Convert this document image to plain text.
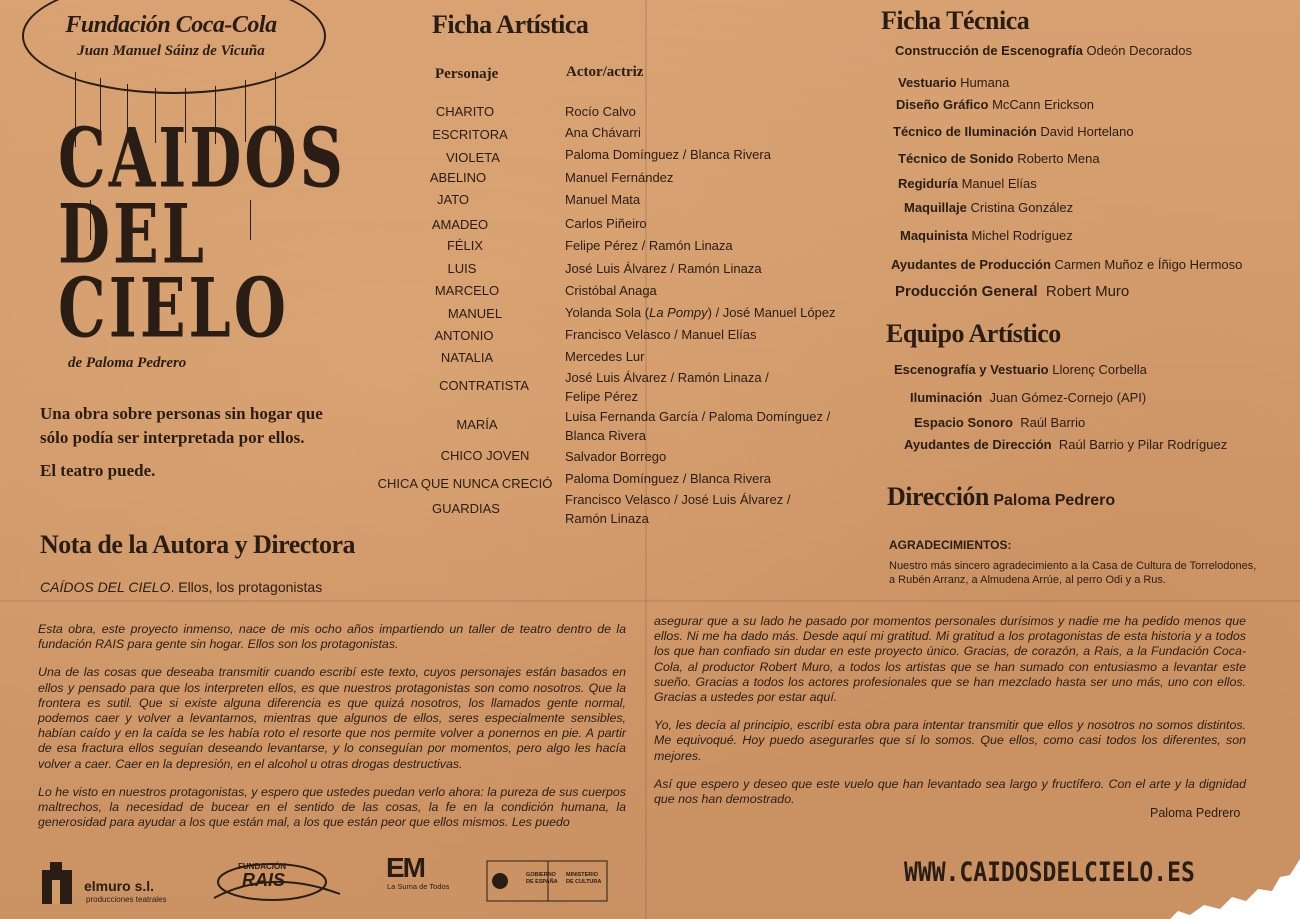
Fundación Coca-Cola
Juan Manuel Sáinz de Vicuña
CAIDOS
DEL
CIELO
de Paloma Pedrero
Una obra sobre personas sin hogar que sólo podía ser interpretada por ellos.
El teatro puede.
Nota de la Autora y Directora
CAÍDOS DEL CIELO. Ellos, los protagonistas
Ficha Artística
Personaje	Actor/actriz
CHARITO	Rocío Calvo
ESCRITORA	Ana Chávarri
VIOLETA	Paloma Domínguez / Blanca Rivera
ABELINO	Manuel Fernández
JATO	Manuel Mata
AMADEO	Carlos Piñeiro
FÉLIX	Felipe Pérez / Ramón Linaza
LUIS	José Luis Álvarez / Ramón Linaza
MARCELO	Cristóbal Anaga
MANUEL	Yolanda Sola (La Pompy) / José Manuel López
ANTONIO	Francisco Velasco / Manuel Elías
NATALIA	Mercedes Lur
CONTRATISTA
José Luis Álvarez / Ramón Linaza / Felipe Pérez
MARÍA
Luisa Fernanda García / Paloma Domínguez / Blanca Rivera
CHICO JOVEN	Salvador Borrego
CHICA QUE NUNCA CRECIÓ Paloma Domínguez / Blanca Rivera
GUARDIAS
Francisco Velasco / José Luis Álvarez / Ramón Linaza
Ficha Técnica
Construcción de Escenografía Odeón Decorados
Vestuario Humana
Diseño Gráfico McCann Erickson
Técnico de Iluminación David Hortelano
Técnico de Sonido Roberto Mena
Regiduría Manuel Elías
Maquillaje Cristina González
Maquinista Michel Rodríguez
Ayudantes de Producción Carmen Muñoz e Íñigo Hermoso
Producción General Robert Muro
Equipo Artístico
Escenografía y Vestuario Llorenç Corbella
Iluminación Juan Gómez-Cornejo (API)
Espacio Sonoro Raúl Barrio
Ayudantes de Dirección Raúl Barrio y Pilar Rodríguez
Dirección Paloma Pedrero
AGRADECIMIENTOS:
Nuestro más sincero agradecimiento a la Casa de Cultura de Torrelodones, a Rubén Arranz, a Almudena Arrúe, al perro Odi y a Rus.

Esta obra, este proyecto inmenso, nace de mis ocho años impartiendo un taller de teatro dentro de la fundación RAIS para gente sin hogar. Ellos son los protagonistas.

Una de las cosas que deseaba transmitir cuando escribí este texto, cuyos personajes están basados en ellos y pensado para que los interpreten ellos, es que nuestros protagonistas son como nosotros. Que la frontera es sutil. Que si existe alguna diferencia es que quizá nosotros, los llamados gente normal, podemos caer y volver a levantarnos, mientras que algunos de ellos, seres especialmente sensibles, habían caído y en la caída se les había roto el resorte que nos permite volver a ponernos en pie. A partir de esa fractura ellos seguían deseando levantarse, y lo conseguían por momentos, pero algo les hacía volver a caer. Caer en la depresión, en el alcohol u otras drogas destructivas.

Lo he visto en nuestros protagonistas, y espero que ustedes puedan verlo ahora: la pureza de sus cuerpos maltrechos, la necesidad de bucear en el sentido de las cosas, la fe en la condición humana, la generosidad para ayudar a los que están mal, a los que están peor que ellos mismos. Les puedo

asegurar que a su lado he pasado por momentos personales durísimos y nadie me ha pedido menos que ellos. Ni me ha dado más. Desde aquí mi gratitud. Mi gratitud a los protagonistas de esta historia y a todos los que han confiado sin dudar en este proyecto único. Gracias, de corazón, a Rais, a la Fundación Coca-Cola, al productor Robert Muro, a todos los artistas que se han sumado con entusiasmo a levantar este sueño. Gracias a todos los actores profesionales que se han mezclado hasta ser uno más, uno con ellos. Gracias a ustedes por estar aquí.

Yo, les decía al principio, escribí esta obra para intentar transmitir que ellos y nosotros no somos distintos. Me equivoqué. Hoy puedo asegurarles que sí lo somos. Que ellos, como casi todos los diferentes, son mejores.

Así que espero y deseo que este vuelo que han levantado sea largo y fructífero. Con el arte y la dignidad que nos han demostrado.

Paloma Pedrero
elmuro s.l.
producciones teatrales
FUNDACIÓN
RAIS	EM
La Suma de Todos
GOBIERNO DE ESPAÑA
MINISTERIO DE CULTURA	WWW.CAIDOSDELCIELO.ES
